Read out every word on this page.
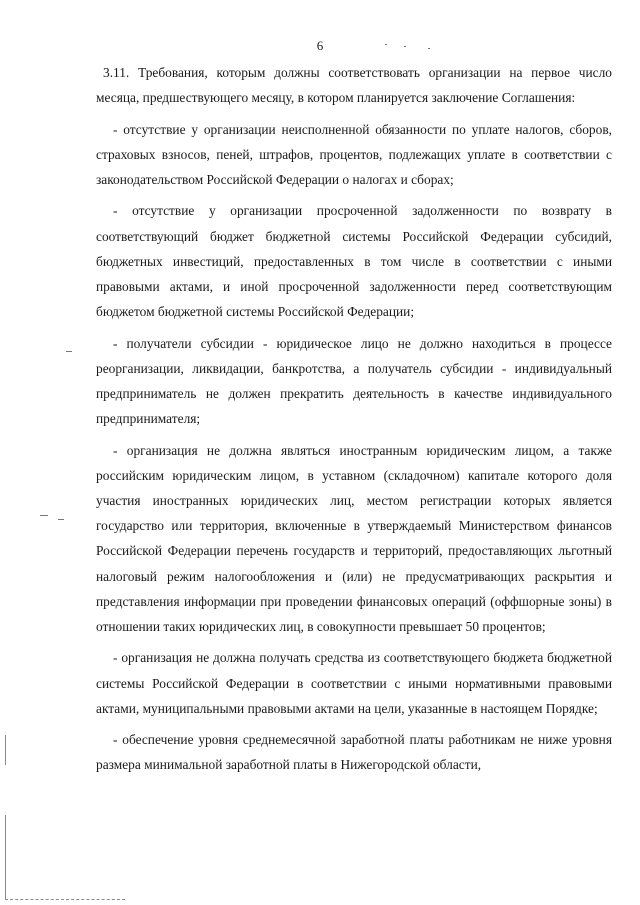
6

3.11. Требования, которым должны соответствовать организации на первое число месяца, предшествующего месяцу, в котором планируется заключение Соглашения:

- отсутствие у организации неисполненной обязанности по уплате налогов, сборов, страховых взносов, пеней, штрафов, процентов, подлежащих уплате в соответствии с законодательством Российской Федерации о налогах и сборах;

- отсутствие у организации просроченной задолженности по возврату в соответствующий бюджет бюджетной системы Российской Федерации субсидий, бюджетных инвестиций, предоставленных в том числе в соответствии с иными правовыми актами, и иной просроченной задолженности перед соответствующим бюджетом бюджетной системы Российской Федерации;

- получатели субсидии - юридическое лицо не должно находиться в процессе реорганизации, ликвидации, банкротства, а получатель субсидии - индивидуальный предприниматель не должен прекратить деятельность в качестве индивидуального предпринимателя;

- организация не должна являться иностранным юридическим лицом, а также российским юридическим лицом, в уставном (складочном) капитале которого доля участия иностранных юридических лиц, местом регистрации которых является государство или территория, включенные в утверждаемый Министерством финансов Российской Федерации перечень государств и территорий, предоставляющих льготный налоговый режим налогообложения и (или) не предусматривающих раскрытия и представления информации при проведении финансовых операций (оффшорные зоны) в отношении таких юридических лиц, в совокупности превышает 50 процентов;

- организация не должна получать средства из соответствующего бюджета бюджетной системы Российской Федерации в соответствии с иными нормативными правовыми актами, муниципальными правовыми актами на цели, указанные в настоящем Порядке;

- обеспечение уровня среднемесячной заработной платы работникам не ниже уровня размера минимальной заработной платы в Нижегородской области,
